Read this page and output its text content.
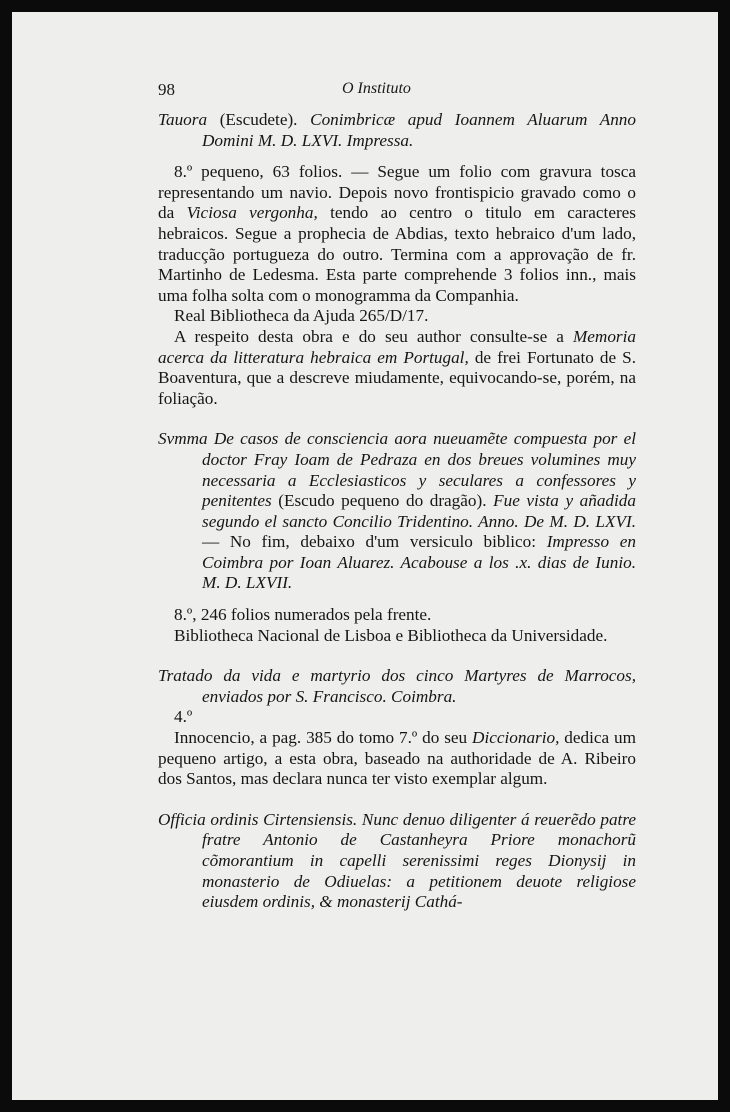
98	O Instituto

Tauora (Escudete). Conimbricæ apud Ioannem Aluarum Anno Domini M. D. LXVI. Impressa.

8.º pequeno, 63 folios. — Segue um folio com gravura tosca representando um navio. Depois novo frontispicio gravado como o da Viciosa vergonha, tendo ao centro o titulo em caracteres hebraicos. Segue a prophecia de Abdias, texto hebraico d'um lado, traducção portugueza do outro. Termina com a approvação de fr. Martinho de Ledesma. Esta parte comprehende 3 folios inn., mais uma folha solta com o monogramma da Companhia.

Real Bibliotheca da Ajuda 265/D/17.

A respeito desta obra e do seu author consulte-se a Memoria acerca da litteratura hebraica em Portugal, de frei Fortunato de S. Boaventura, que a descreve miudamente, equivocando-se, porém, na foliação.

Svmma De casos de consciencia aora nueuamẽte compuesta por el doctor Fray Ioam de Pedraza en dos breues volumines muy necessaria a Ecclesiasticos y seculares a confessores y penitentes (Escudo pequeno do dragão). Fue vista y añadida segundo el sancto Concilio Tridentino. Anno. De M. D. LXVI. — No fim, debaixo d'um versiculo biblico: Impresso en Coimbra por Ioan Aluarez. Acabouse a los .x. dias de Iunio. M. D. LXVII.

8.º, 246 folios numerados pela frente.

Bibliotheca Nacional de Lisboa e Bibliotheca da Universidade.

Tratado da vida e martyrio dos cinco Martyres de Marrocos, enviados por S. Francisco. Coimbra.

4.º

Innocencio, a pag. 385 do tomo 7.º do seu Diccionario, dedica um pequeno artigo, a esta obra, baseado na authoridade de A. Ribeiro dos Santos, mas declara nunca ter visto exemplar algum.

Officia ordinis Cirtensiensis. Nunc denuo diligenter á reuerẽdo patre fratre Antonio de Castanheyra Priore monachorũ cõmorantium in capelli serenissimi reges Dionysij in monasterio de Odiuelas: a petitionem deuote religiose eiusdem ordinis, & monasterij Cathá-
